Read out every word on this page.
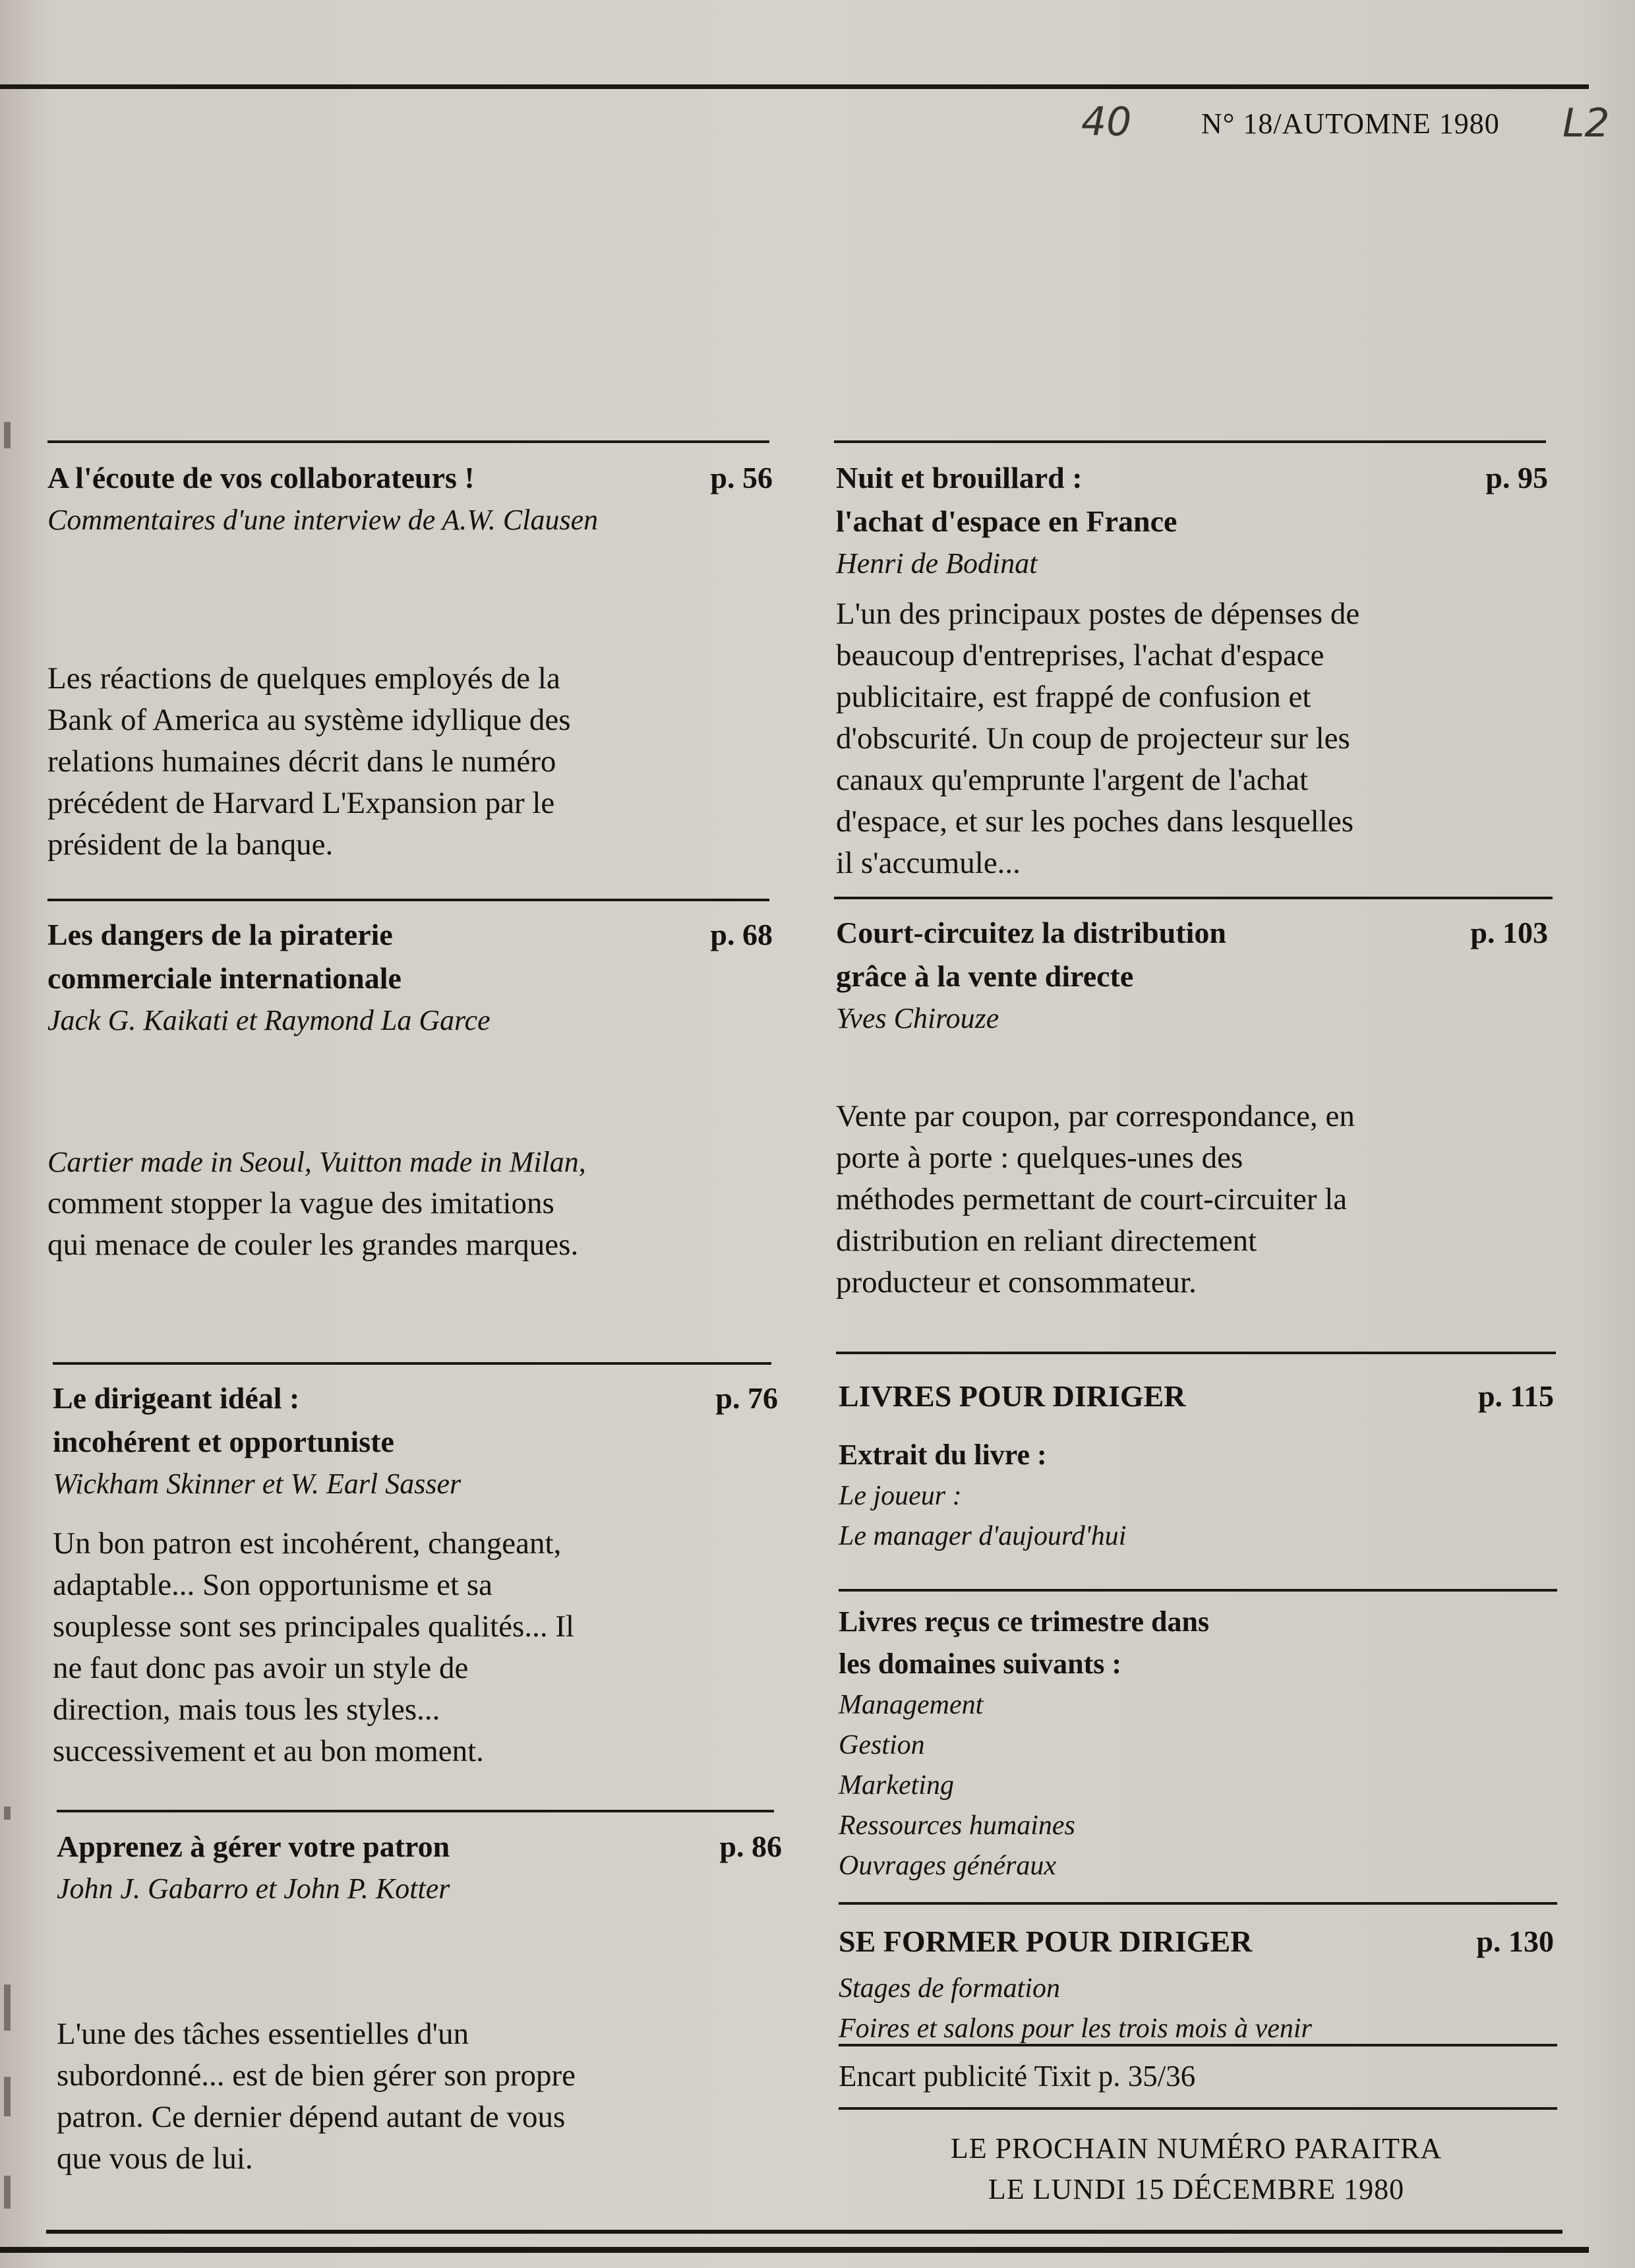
40 N° 18/AUTOMNE 1980 L2
A l'écoute de vos collaborateurs !	p. 56
Commentaires d'une interview de A.W. Clausen
Les réactions de quelques employés de la
Bank of America au système idyllique des
relations humaines décrit dans le numéro
précédent de Harvard L'Expansion par le
président de la banque.
Les dangers de la piraterie
commerciale internationale
p. 68
Jack G. Kaikati et Raymond La Garce
Cartier made in Seoul, Vuitton made in Milan,
comment stopper la vague des imitations
qui menace de couler les grandes marques.
Le dirigeant idéal :
incohérent et opportuniste
p. 76
Wickham Skinner et W. Earl Sasser
Un bon patron est incohérent, changeant,
adaptable... Son opportunisme et sa
souplesse sont ses principales qualités... Il
ne faut donc pas avoir un style de
direction, mais tous les styles...
successivement et au bon moment.
Apprenez à gérer votre patron	p. 86
John J. Gabarro et John P. Kotter
L'une des tâches essentielles d'un
subordonné... est de bien gérer son propre
patron. Ce dernier dépend autant de vous
que vous de lui.
Nuit et brouillard :
l'achat d'espace en France
p. 95
Henri de Bodinat
L'un des principaux postes de dépenses de
beaucoup d'entreprises, l'achat d'espace
publicitaire, est frappé de confusion et
d'obscurité. Un coup de projecteur sur les
canaux qu'emprunte l'argent de l'achat
d'espace, et sur les poches dans lesquelles
il s'accumule...
Court-circuitez la distribution
grâce à la vente directe
p. 103
Yves Chirouze
Vente par coupon, par correspondance, en
porte à porte : quelques-unes des
méthodes permettant de court-circuiter la
distribution en reliant directement
producteur et consommateur.
LIVRES POUR DIRIGER	p. 115
Extrait du livre :
Le joueur :
Le manager d'aujourd'hui
Livres reçus ce trimestre dans
les domaines suivants :
Management
Gestion
Marketing
Ressources humaines
Ouvrages généraux
SE FORMER POUR DIRIGER	p. 130
Stages de formation
Foires et salons pour les trois mois à venir
Encart publicité Tixit p. 35/36
LE PROCHAIN NUMÉRO PARAITRA
LE LUNDI 15 DÉCEMBRE 1980
